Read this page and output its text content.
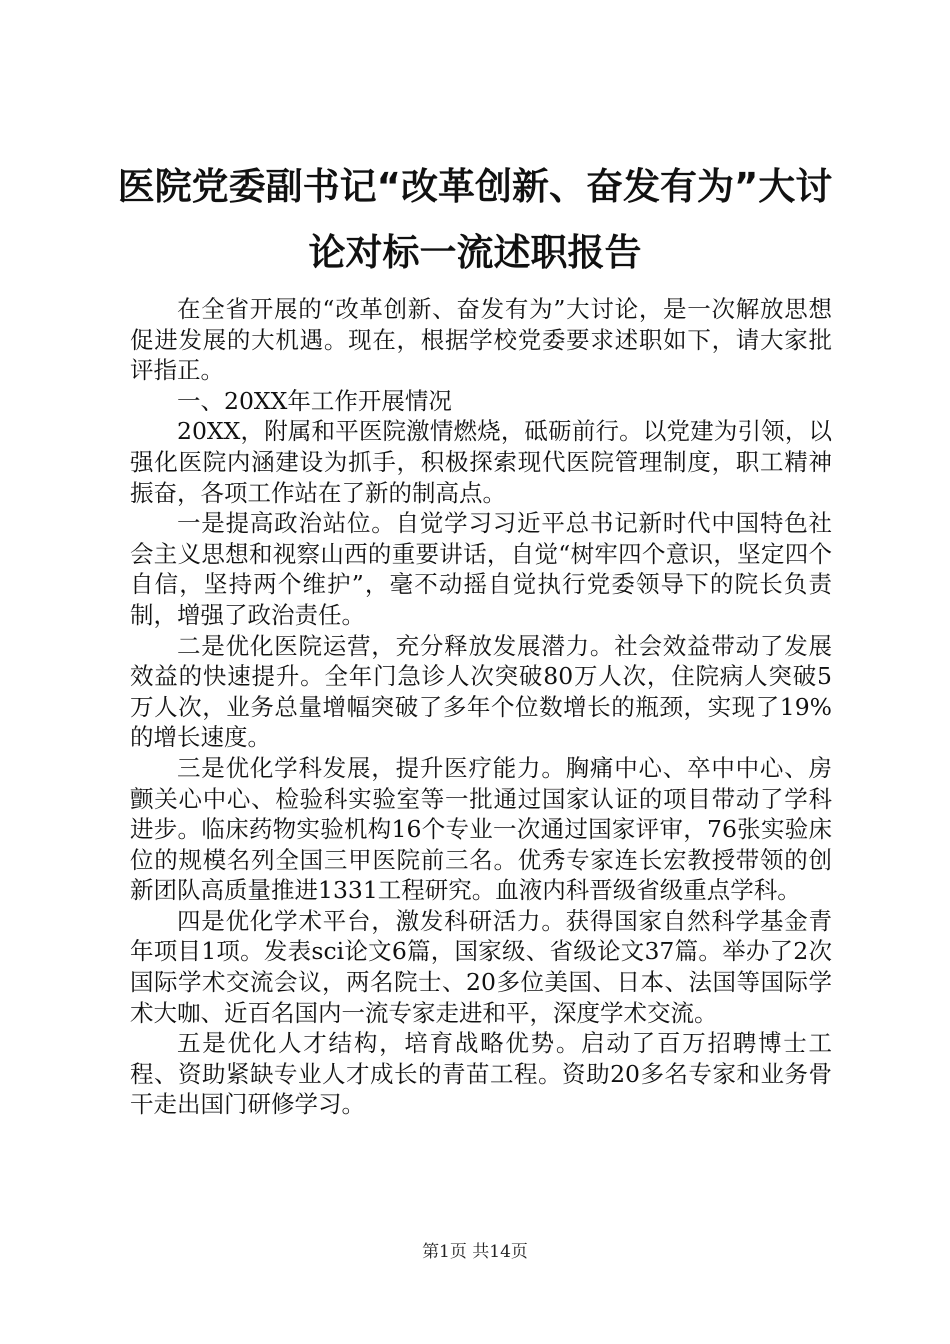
医院党委副书记“改革创新、奋发有为”大讨
论对标一流述职报告

在全省开展的“改革创新、奋发有为”大讨论，是一次解放思想促进发展的大机遇。现在，根据学校党委要求述职如下，请大家批评指正。

一、20XX年工作开展情况

20XX，附属和平医院激情燃烧，砥砺前行。以党建为引领，以强化医院内涵建设为抓手，积极探索现代医院管理制度，职工精神振奋，各项工作站在了新的制高点。

一是提高政治站位。自觉学习习近平总书记新时代中国特色社会主义思想和视察山西的重要讲话，自觉“树牢四个意识，坚定四个自信，坚持两个维护”，毫不动摇自觉执行党委领导下的院长负责制，增强了政治责任。

二是优化医院运营，充分释放发展潜力。社会效益带动了发展效益的快速提升。全年门急诊人次突破80万人次，住院病人突破5万人次，业务总量增幅突破了多年个位数增长的瓶颈，实现了19%的增长速度。

三是优化学科发展，提升医疗能力。胸痛中心、卒中中心、房颤关心中心、检验科实验室等一批通过国家认证的项目带动了学科进步。临床药物实验机构16个专业一次通过国家评审，76张实验床位的规模名列全国三甲医院前三名。优秀专家连长宏教授带领的创新团队高质量推进1331工程研究。血液内科晋级省级重点学科。

四是优化学术平台，激发科研活力。获得国家自然科学基金青年项目1项。发表sci论文6篇，国家级、省级论文37篇。举办了2次国际学术交流会议，两名院士、20多位美国、日本、法国等国际学术大咖、近百名国内一流专家走进和平，深度学术交流。

五是优化人才结构，培育战略优势。启动了百万招聘博士工程、资助紧缺专业人才成长的青苗工程。资助20多名专家和业务骨干走出国门研修学习。

第1页 共14页
